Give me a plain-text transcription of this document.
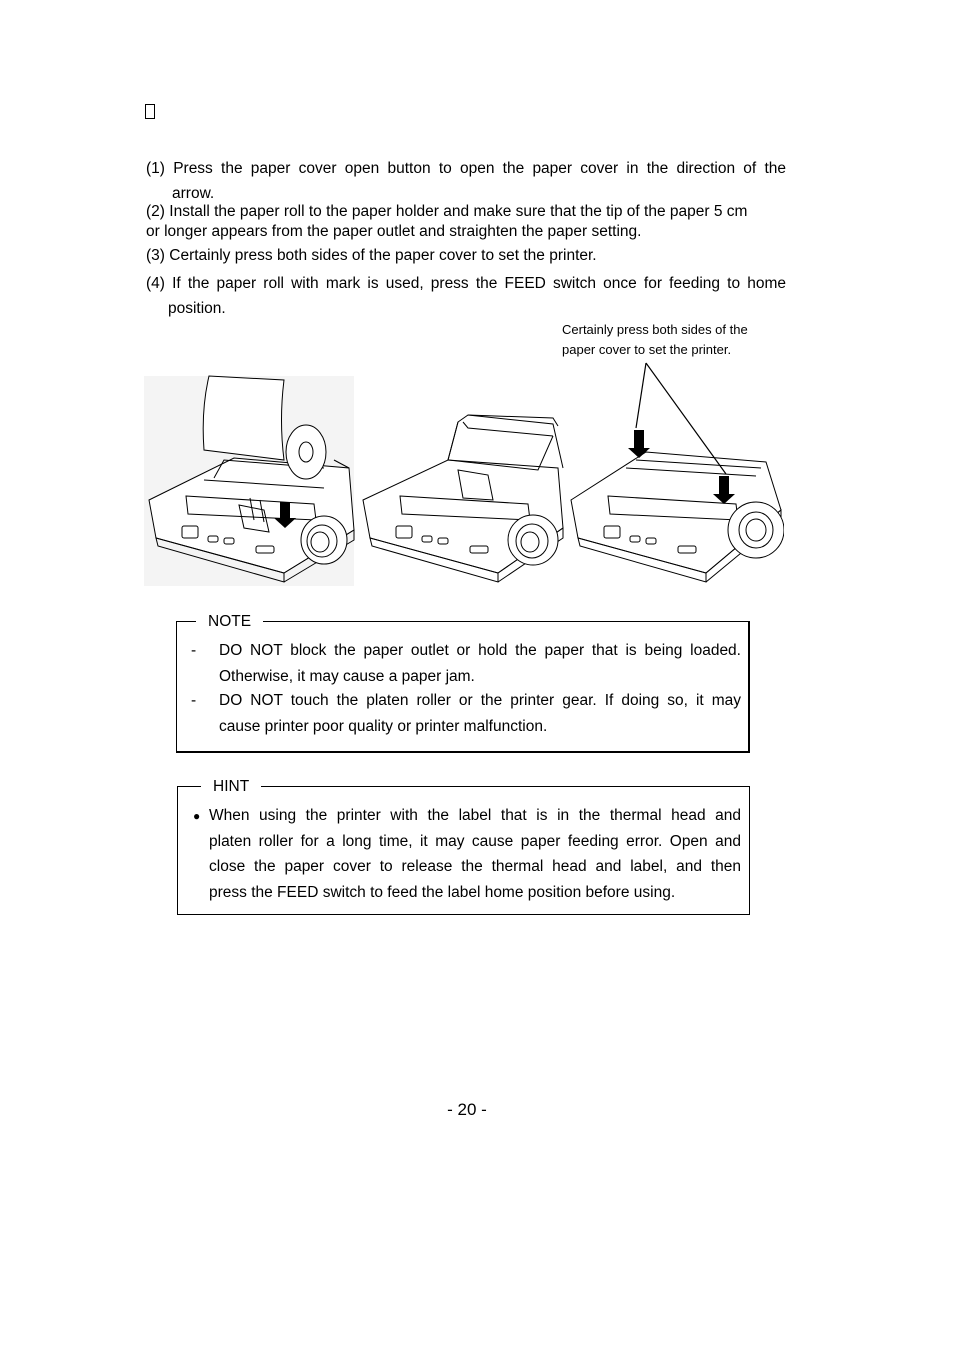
(1) Press the paper cover open button to open the paper cover in the direction of the
arrow.
(2) Install the paper roll to the paper holder and make sure that the tip of the paper 5 cm
or longer appears from the paper outlet and straighten the paper setting.
(3) Certainly press both sides of the paper cover to set the printer.
(4) If the paper roll with mark is used, press the FEED switch once for feeding to home
position.
Certainly press both sides of the
paper cover to set the printer.
NOTE
- DO NOT block the paper outlet or hold the paper that is being loaded.
Otherwise, it may cause a paper jam.
- DO NOT touch the platen roller or the printer gear. If doing so, it may
cause printer poor quality or printer malfunction.
HINT
● When using the printer with the label that is in the thermal head and
platen roller for a long time, it may cause paper feeding error. Open and
close the paper cover to release the thermal head and label, and then
press the FEED switch to feed the label home position before using.
- 20 -
